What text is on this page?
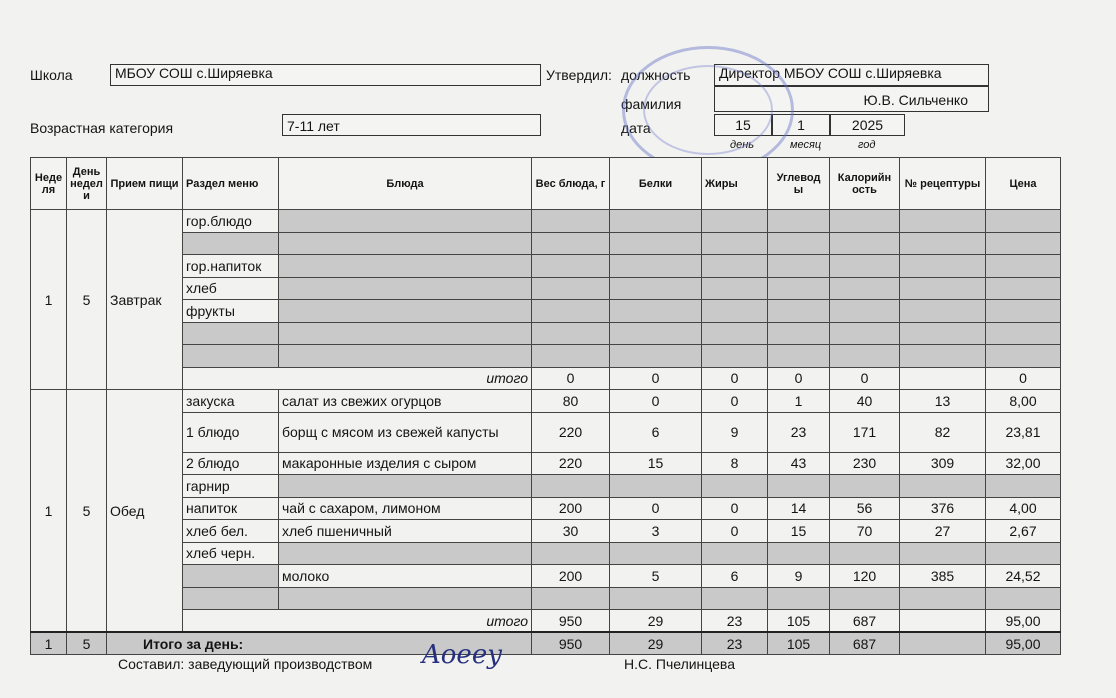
Школа	МБОУ СОШ с.Ширяевка	Утвердил: должность	Директор МБОУ СОШ с.Ширяевка
фамилия	Ю.В. Сильченко
Возрастная категория	7-11 лет	дата	15	1	2025
день	месяц	год
Неде ля	День недел и	Прием пищи	Раздел меню	Блюда	Вес блюда, г	Белки	Жиры	Углевод ы	Калорийн ость	№ рецептуры	Цена
1	5	Завтрак	гор.блюдо								

			гор.напиток								
			хлеб								
			фрукты								

			итого		0	0	0	0	0		0
1	5	Обед	закуска	салат из свежих огурцов	80	0	0	1	40	13	8,00
			1 блюдо	борщ с мясом из свежей капусты	220	6	9	23	171	82	23,81
			2 блюдо	макаронные изделия с сыром	220	15	8	43	230	309	32,00
			гарнир								
			напиток	чай с сахаром, лимоном	200	0	0	14	56	376	4,00
			хлеб бел.	хлеб пшеничный	30	3	0	15	70	27	2,67
			хлеб черн.								
				молоко	200	5	6	9	120	385	24,52

			итого		950	29	23	105	687		95,00
1	5	Итого за день:			950	29	23	105	687		95,00
Составил: заведующий производством Aoeey	Н.С. Пчелинцева
